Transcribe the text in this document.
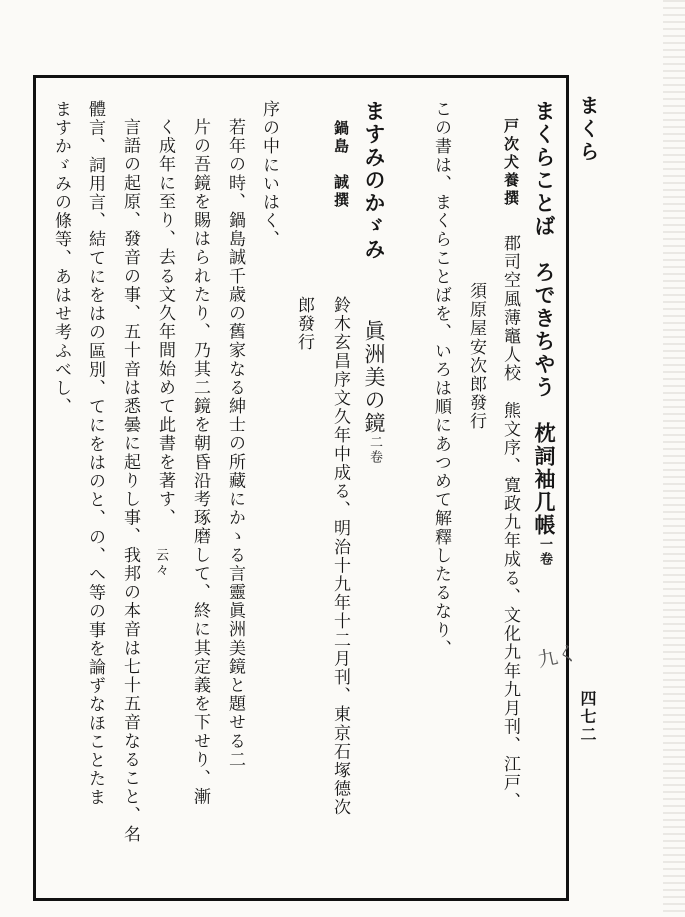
まくら
四七二
まくらことば　ろできちやう　枕詞袖几帳一卷
戸次犬養撰
郡司空風薄竈人校　熊文序、寛政九年成る、文化九年九月刊、江戸、
須原屋安次郎發行
この書は、まくらことばを、いろは順にあつめて解釋したるなり、
ますみのかゞみ
眞洲美の鏡二卷
鍋島　誠撰
鈴木玄昌序文久年中成る、明治十九年十二月刊、東京石塚德次
郎發行
序の中にいはく、
若年の時、鍋島誠千歳の舊家なる紳士の所藏にかゝる言靈眞洲美鏡と題せる二
片の吾鏡を賜はられたり、乃其二鏡を朝昏沿考琢磨して、終に其定義を下せり、漸
く成年に至り、去る文久年間始めて此書を著す、
云々
言語の起原、發音の事、五十音は悉曇に起りし事、我邦の本音は七十五音なること、名
體言、詞用言、結てにをはの區別、てにをはのと、の、へ等の事を論ずなほことたま
ますかゞみの條等、あはせ考ふべし、
九く
